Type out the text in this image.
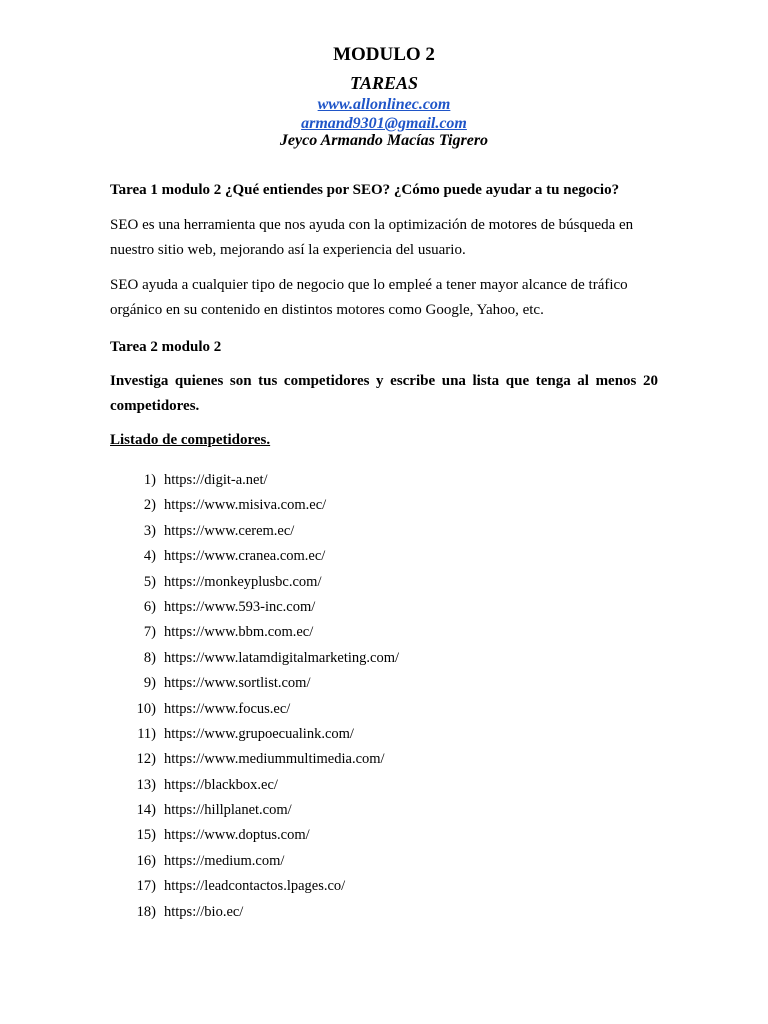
MODULO 2
TAREAS
www.allonlinec.com
armand9301@gmail.com
Jeyco Armando Macías Tigrero
Tarea 1 modulo 2 ¿Qué entiendes por SEO? ¿Cómo puede ayudar a tu negocio?
SEO es una herramienta que nos ayuda con la optimización de motores de búsqueda en nuestro sitio web, mejorando así la experiencia del usuario.
SEO ayuda a cualquier tipo de negocio que lo empleé a tener mayor alcance de tráfico orgánico en su contenido en distintos motores como Google, Yahoo, etc.
Tarea 2 modulo 2
Investiga quienes son tus competidores y escribe una lista que tenga al menos 20 competidores.
Listado de competidores.
1) https://digit-a.net/
2) https://www.misiva.com.ec/
3) https://www.cerem.ec/
4) https://www.cranea.com.ec/
5) https://monkeyplusbc.com/
6) https://www.593-inc.com/
7) https://www.bbm.com.ec/
8) https://www.latamdigitalmarketing.com/
9) https://www.sortlist.com/
10) https://www.focus.ec/
11) https://www.grupoecualink.com/
12) https://www.mediummultimedia.com/
13) https://blackbox.ec/
14) https://hillplanet.com/
15) https://www.doptus.com/
16) https://medium.com/
17) https://leadcontactos.lpages.co/
18) https://bio.ec/
